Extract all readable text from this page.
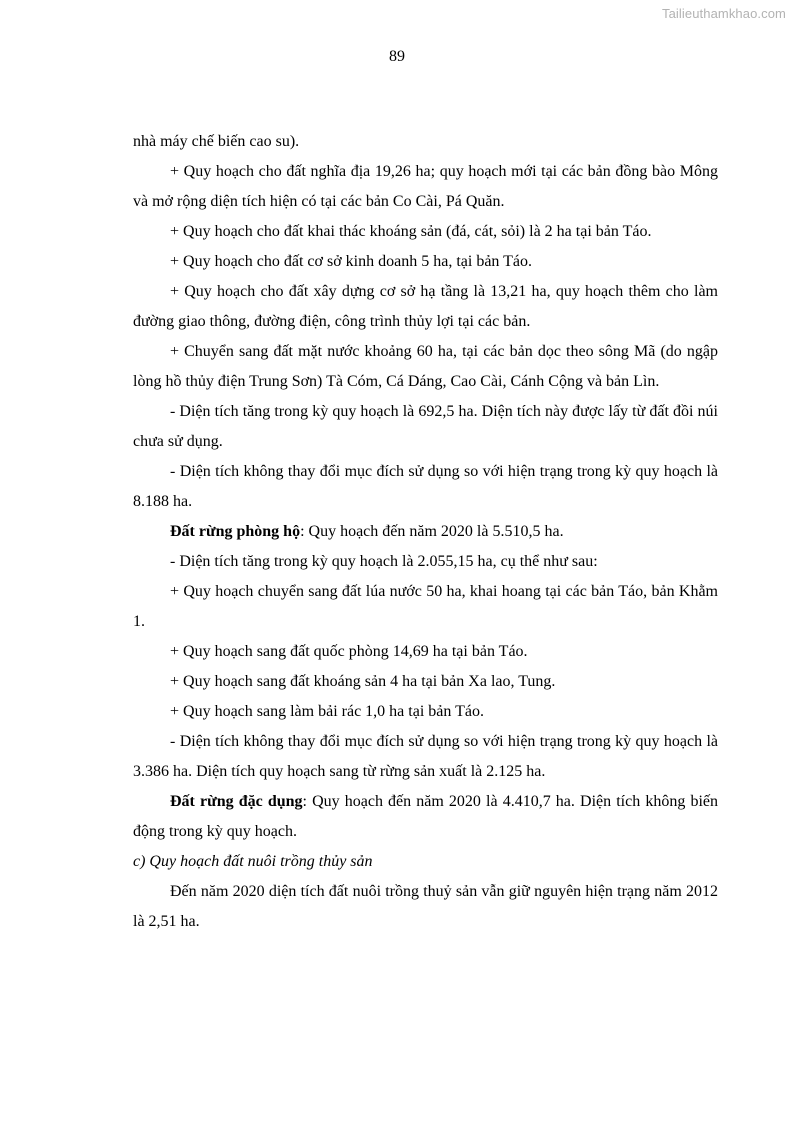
Tailieuthamkhao.com
89

nhà máy chế biến cao su).

+ Quy hoạch cho đất nghĩa địa 19,26 ha; quy hoạch mới tại các bản đồng bào Mông và mở rộng diện tích hiện có tại các bản Co Cài, Pá Quăn.

+ Quy hoạch cho đất khai thác khoáng sản (đá, cát, sỏi) là 2 ha tại bản Táo.

+ Quy hoạch cho đất cơ sở kinh doanh 5 ha, tại bản Táo.

+ Quy hoạch cho đất xây dựng cơ sở hạ tầng là 13,21 ha, quy hoạch thêm cho làm đường giao thông, đường điện, công trình thủy lợi tại các bản.

+ Chuyển sang đất mặt nước khoảng 60 ha, tại các bản dọc theo sông Mã (do ngập lòng hồ thủy điện Trung Sơn) Tà Cóm, Cá Dáng, Cao Cài, Cánh Cộng và bản Lìn.

- Diện tích tăng trong kỳ quy hoạch là 692,5 ha. Diện tích này được lấy từ đất đồi núi chưa sử dụng.

- Diện tích không thay đổi mục đích sử dụng so với hiện trạng trong kỳ quy hoạch là 8.188 ha.

Đất rừng phòng hộ: Quy hoạch đến năm 2020 là 5.510,5 ha.

- Diện tích tăng trong kỳ quy hoạch là 2.055,15 ha, cụ thể như sau:

+ Quy hoạch chuyển sang đất lúa nước 50 ha, khai hoang tại các bản Táo, bản Khằm 1.

+ Quy hoạch sang đất quốc phòng 14,69 ha tại bản Táo.

+ Quy hoạch sang đất khoáng sản 4 ha tại bản Xa lao, Tung.

+ Quy hoạch sang làm bải rác 1,0 ha tại bản Táo.

- Diện tích không thay đổi mục đích sử dụng so với hiện trạng trong kỳ quy hoạch là 3.386 ha. Diện tích quy hoạch sang từ rừng sản xuất là 2.125 ha.

Đất rừng đặc dụng: Quy hoạch đến năm 2020 là 4.410,7 ha. Diện tích không biến động trong kỳ quy hoạch.

c) Quy hoạch đất nuôi trồng thủy sản

Đến năm 2020 diện tích đất nuôi trồng thuỷ sản vẫn giữ nguyên hiện trạng năm 2012 là 2,51 ha.
